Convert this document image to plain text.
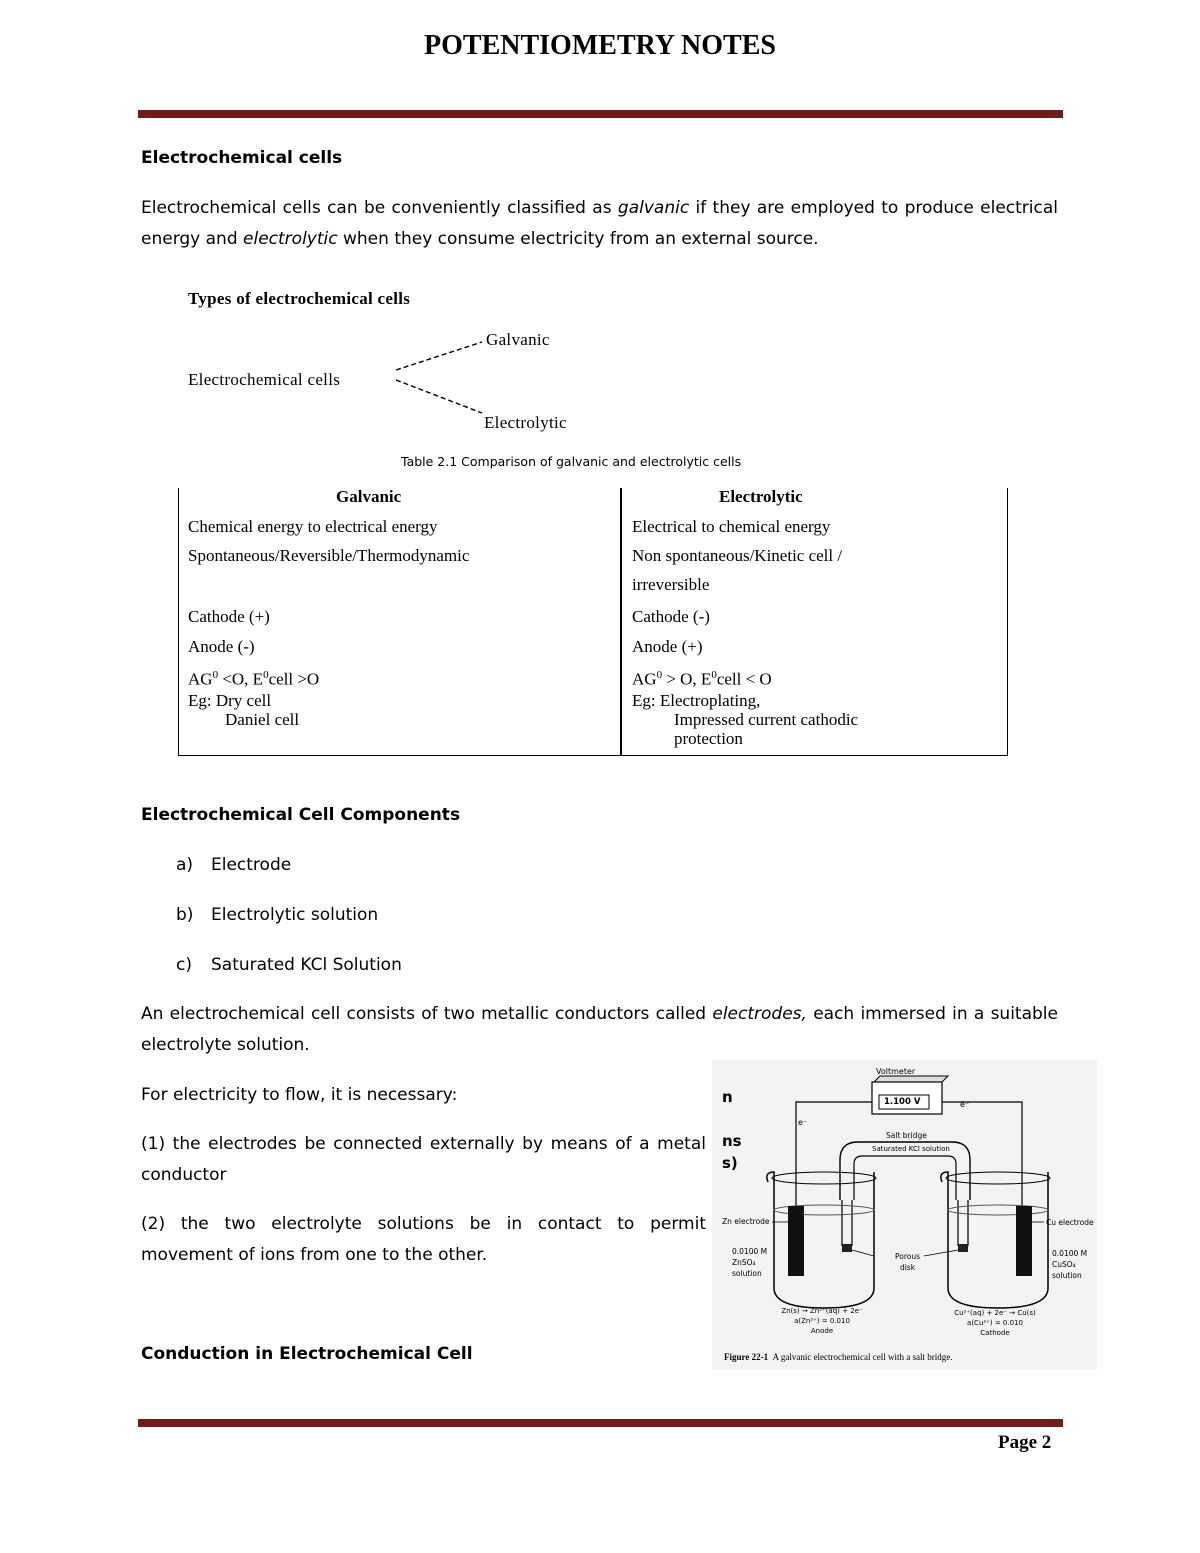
POTENTIOMETRY NOTES
Electrochemical cells
Electrochemical cells can be conveniently classified as galvanic if they are employed to produce electrical energy and electrolytic when they consume electricity from an external source.
Types of electrochemical cells
Electrochemical cells
Galvanic
Electrolytic
Table 2.1 Comparison of galvanic and electrolytic cells
Galvanic	Electrolytic
Chemical energy to electrical energy
Spontaneous/Reversible/Thermodynamic
Cathode (+)
Anode (-)
$AG^0 <O$, $E^0cell >O$
Eg: Dry cell
Daniel cell
Electrical to chemical energy
Non spontaneous/Kinetic cell /
irreversible
Cathode (-)
Anode (+)
$AG^0 > O$, $E^0cell < O$
Eg: Electroplating,
Impressed current cathodic
protection
Electrochemical Cell Components
a) Electrode
b) Electrolytic solution
c) Saturated KCl Solution
An electrochemical cell consists of two metallic conductors called electrodes, each immersed in a suitable electrolyte solution.
For electricity to flow, it is necessary:
(1) the electrodes be connected externally by means of a metal conductor
(2) the two electrolyte solutions be in contact to permit movement of ions from one to the other.
Conduction in Electrochemical Cell
n
ns
s)
Voltmeter
1.100 V
e⁻
e⁻
Salt bridge
Saturated KCl solution
Zn electrode	Cu electrode
0.0100 M
ZnSO₄
solution
0.0100 M
CuSO₄
solution
Porous
disk
Zn(s) → Zn²⁺(aq) + 2e⁻
a(Zn²⁺) = 0.010
Anode
Cu²⁺(aq) + 2e⁻ → Cu(s)
a(Cu²⁺) = 0.010
Cathode
Figure 22-1 A galvanic electrochemical cell with a salt bridge.
Page 2
